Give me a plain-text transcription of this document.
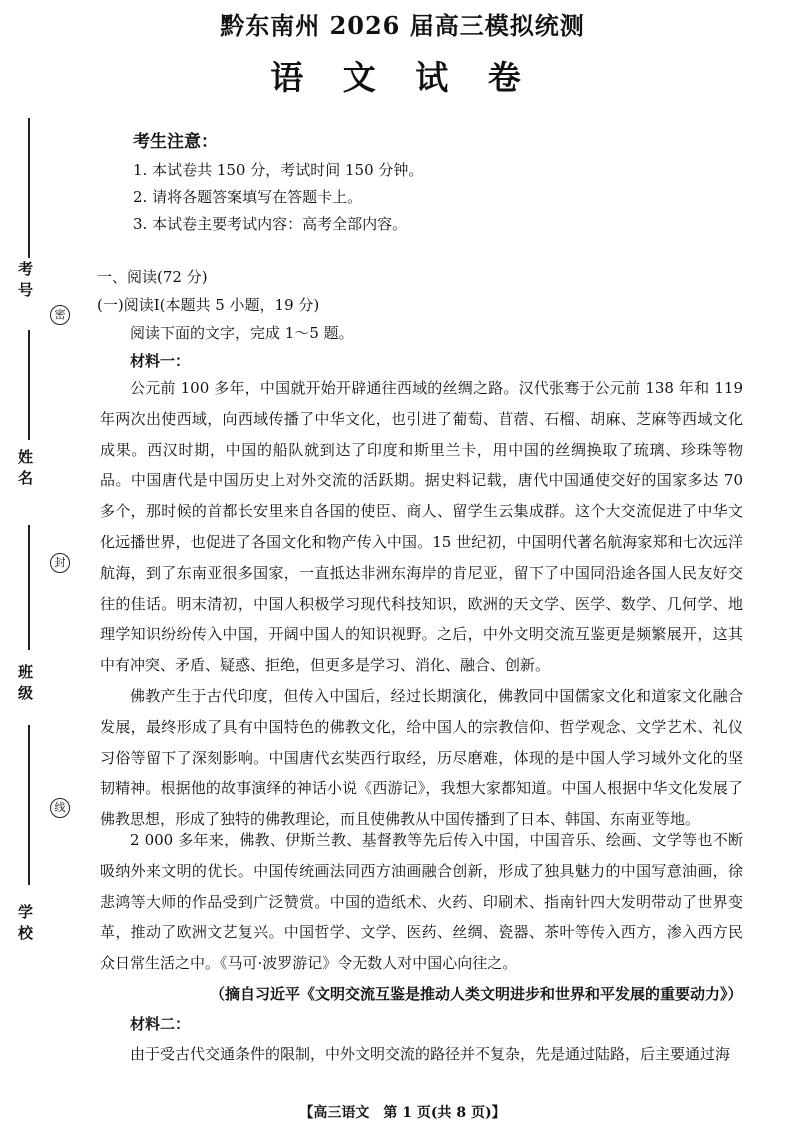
考号
姓名
班级
学校
密
封
线
黔东南州 2026 届高三模拟统测
语 文 试 卷
考生注意：
1. 本试卷共 150 分，考试时间 150 分钟。
2. 请将各题答案填写在答题卡上。
3. 本试卷主要考试内容：高考全部内容。
一、阅读(72 分)
(一)阅读Ⅰ(本题共 5 小题，19 分)
阅读下面的文字，完成 1～5 题。
材料一：

公元前 100 多年，中国就开始开辟通往西域的丝绸之路。汉代张骞于公元前 138 年和 119 年两次出使西域，向西域传播了中华文化，也引进了葡萄、苜蓿、石榴、胡麻、芝麻等西域文化成果。西汉时期，中国的船队就到达了印度和斯里兰卡，用中国的丝绸换取了琉璃、珍珠等物品。中国唐代是中国历史上对外交流的活跃期。据史料记载，唐代中国通使交好的国家多达 70 多个，那时候的首都长安里来自各国的使臣、商人、留学生云集成群。这个大交流促进了中华文化远播世界，也促进了各国文化和物产传入中国。15 世纪初，中国明代著名航海家郑和七次远洋航海，到了东南亚很多国家，一直抵达非洲东海岸的肯尼亚，留下了中国同沿途各国人民友好交往的佳话。明末清初，中国人积极学习现代科技知识，欧洲的天文学、医学、数学、几何学、地理学知识纷纷传入中国，开阔中国人的知识视野。之后，中外文明交流互鉴更是频繁展开，这其中有冲突、矛盾、疑惑、拒绝，但更多是学习、消化、融合、创新。

佛教产生于古代印度，但传入中国后，经过长期演化，佛教同中国儒家文化和道家文化融合发展，最终形成了具有中国特色的佛教文化，给中国人的宗教信仰、哲学观念、文学艺术、礼仪习俗等留下了深刻影响。中国唐代玄奘西行取经，历尽磨难，体现的是中国人学习域外文化的坚韧精神。根据他的故事演绎的神话小说《西游记》，我想大家都知道。中国人根据中华文化发展了佛教思想，形成了独特的佛教理论，而且使佛教从中国传播到了日本、韩国、东南亚等地。

2 000 多年来，佛教、伊斯兰教、基督教等先后传入中国，中国音乐、绘画、文学等也不断吸纳外来文明的优长。中国传统画法同西方油画融合创新，形成了独具魅力的中国写意油画，徐悲鸿等大师的作品受到广泛赞赏。中国的造纸术、火药、印刷术、指南针四大发明带动了世界变革，推动了欧洲文艺复兴。中国哲学、文学、医药、丝绸、瓷器、茶叶等传入西方，渗入西方民众日常生活之中。《马可·波罗游记》令无数人对中国心向往之。

（摘自习近平《文明交流互鉴是推动人类文明进步和世界和平发展的重要动力》）
材料二：
由于受古代交通条件的限制，中外文明交流的路径并不复杂，先是通过陆路，后主要通过海
【高三语文　第 1 页(共 8 页)】
